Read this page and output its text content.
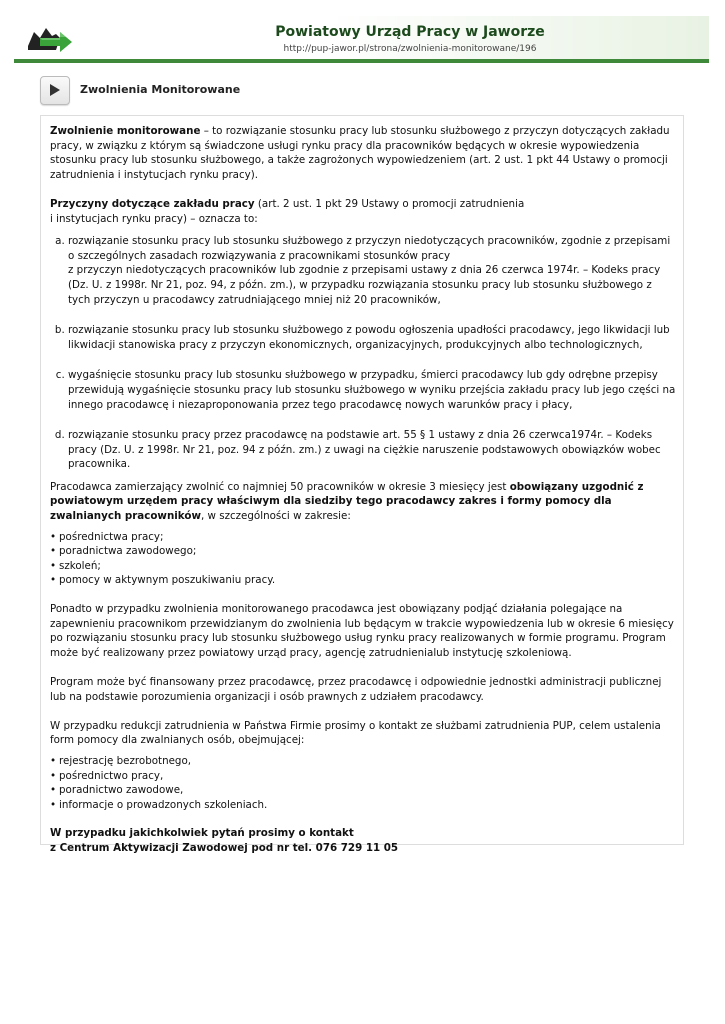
Powiatowy Urząd Pracy w Jaworze
http://pup-jawor.pl/strona/zwolnienia-monitorowane/196
Zwolnienia Monitorowane

Zwolnienie monitorowane – to rozwiązanie stosunku pracy lub stosunku służbowego z przyczyn dotyczących zakładu pracy, w związku z którym są świadczone usługi rynku pracy dla pracowników będących w okresie wypowiedzenia stosunku pracy lub stosunku służbowego, a także zagrożonych wypowiedzeniem (art. 2 ust. 1 pkt 44 Ustawy o promocji zatrudnienia i instytucjach rynku pracy).

Przyczyny dotyczące zakładu pracy (art. 2 ust. 1 pkt 29 Ustawy o promocji zatrudnienia
i instytucjach rynku pracy) – oznacza to:

a. rozwiązanie stosunku pracy lub stosunku służbowego z przyczyn niedotyczących pracowników, zgodnie z przepisami o szczególnych zasadach rozwiązywania z pracownikami stosunków pracy
z przyczyn niedotyczących pracowników lub zgodnie z przepisami ustawy z dnia 26 czerwca 1974r. – Kodeks pracy (Dz. U. z 1998r. Nr 21, poz. 94, z późn. zm.), w przypadku rozwiązania stosunku pracy lub stosunku służbowego z tych przyczyn u pracodawcy zatrudniającego mniej niż 20 pracowników,
b. rozwiązanie stosunku pracy lub stosunku służbowego z powodu ogłoszenia upadłości pracodawcy, jego likwidacji lub likwidacji stanowiska pracy z przyczyn ekonomicznych, organizacyjnych, produkcyjnych albo technologicznych,
c. wygaśnięcie stosunku pracy lub stosunku służbowego w przypadku, śmierci pracodawcy lub gdy odrębne przepisy przewidują wygaśnięcie stosunku pracy lub stosunku służbowego w wyniku przejścia zakładu pracy lub jego części na innego pracodawcę i niezaproponowania przez tego pracodawcę nowych warunków pracy i płacy,
d. rozwiązanie stosunku pracy przez pracodawcę na podstawie art. 55 § 1 ustawy z dnia 26 czerwca1974r. – Kodeks pracy (Dz. U. z 1998r. Nr 21, poz. 94 z późn. zm.) z uwagi na ciężkie naruszenie podstawowych obowiązków wobec pracownika.

Pracodawca zamierzający zwolnić co najmniej 50 pracowników w okresie 3 miesięcy jest obowiązany uzgodnić z powiatowym urzędem pracy właściwym dla siedziby tego pracodawcy zakres i formy pomocy dla zwalnianych pracowników, w szczególności w zakresie:

• pośrednictwa pracy;
• poradnictwa zawodowego;
• szkoleń;
• pomocy w aktywnym poszukiwaniu pracy.

Ponadto w przypadku zwolnienia monitorowanego pracodawca jest obowiązany podjąć działania polegające na zapewnieniu pracownikom przewidzianym do zwolnienia lub będącym w trakcie wypowiedzenia lub w okresie 6 miesięcy po rozwiązaniu stosunku pracy lub stosunku służbowego usług rynku pracy realizowanych w formie programu. Program może być realizowany przez powiatowy urząd pracy, agencję zatrudnienialub instytucję szkoleniową.

Program może być finansowany przez pracodawcę, przez pracodawcę i odpowiednie jednostki administracji publicznej lub na podstawie porozumienia organizacji i osób prawnych z udziałem pracodawcy.

W przypadku redukcji zatrudnienia w Państwa Firmie prosimy o kontakt ze służbami zatrudnienia PUP, celem ustalenia form pomocy dla zwalnianych osób, obejmującej:

• rejestrację bezrobotnego,
• pośrednictwo pracy,
• poradnictwo zawodowe,
• informacje o prowadzonych szkoleniach.

W przypadku jakichkolwiek pytań prosimy o kontakt
z Centrum Aktywizacji Zawodowej pod nr tel. 076 729 11 05
